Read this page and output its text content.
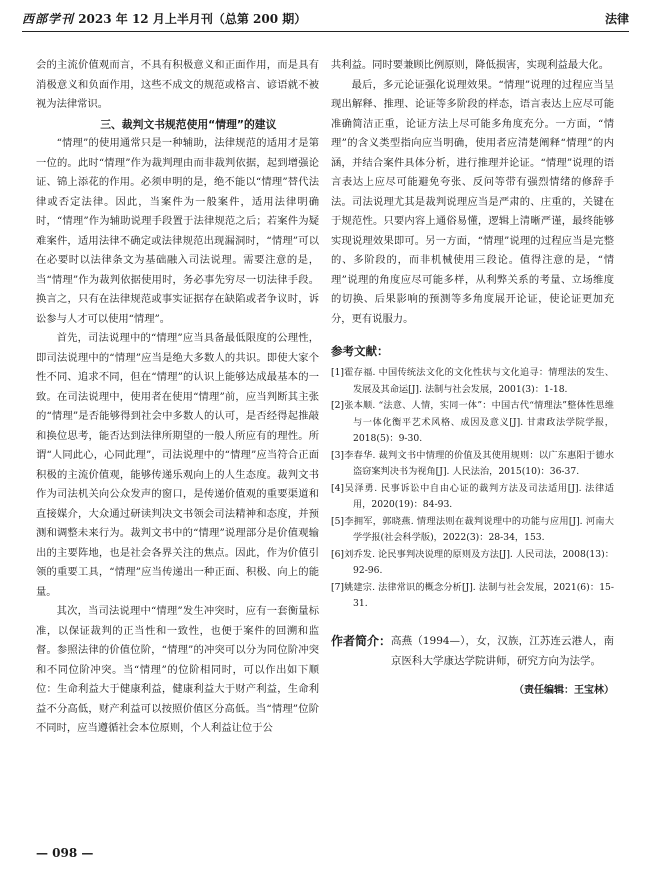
西部学刊 2023 年 12 月上半月刊（总第 200 期）	法律

会的主流价值观而言，不具有积极意义和正面作用，而是具有消极意义和负面作用，这些不成文的规范或格言、谚语就不被视为法律常识。

三、裁判文书规范使用“情理”的建议

“情理”的使用通常只是一种辅助，法律规范的适用才是第一位的。此时“情理”作为裁判理由而非裁判依据，起到增强论证、锦上添花的作用。必须申明的是，绝不能以“情理”替代法律或否定法律。因此，当案件为一般案件，适用法律明确时，“情理”作为辅助说理手段置于法律规范之后；若案件为疑难案件，适用法律不确定或法律规范出现漏洞时，“情理”可以在必要时以法律条文为基础融入司法说理。需要注意的是，当“情理”作为裁判依据使用时，务必事先穷尽一切法律手段。换言之，只有在法律规范或事实证据存在缺陷或者争议时，诉讼参与人才可以使用“情理”。

首先，司法说理中的“情理”应当具备最低限度的公理性，即司法说理中的“情理”应当是绝大多数人的共识。即使大家个性不同、追求不同，但在“情理”的认识上能够达成最基本的一致。在司法说理中，使用者在使用“情理”前，应当判断其主张的“情理”是否能够得到社会中多数人的认可，是否经得起推敲和换位思考，能否达到法律所期望的一般人所应有的理性。所谓“人同此心，心同此理”，司法说理中的“情理”应当符合正面积极的主流价值观，能够传递乐观向上的人生态度。裁判文书作为司法机关向公众发声的窗口，是传递价值观的重要渠道和直接媒介，大众通过研读判决文书领会司法精神和态度，并预测和调整未来行为。裁判文书中的“情理”说理部分是价值观输出的主要阵地，也是社会各界关注的焦点。因此，作为价值引领的重要工具，“情理”应当传递出一种正面、积极、向上的能量。

其次，当司法说理中“情理”发生冲突时，应有一套衡量标准，以保证裁判的正当性和一致性，也便于案件的回溯和监督。参照法律的价值位阶，“情理”的冲突可以分为同位阶冲突和不同位阶冲突。当“情理”的位阶相同时，可以作出如下顺位：生命利益大于健康利益，健康利益大于财产利益，生命利益不分高低，财产利益可以按照价值区分高低。当“情理”位阶不同时，应当遵循社会本位原则，个人利益让位于公

共利益。同时要兼顾比例原则，降低损害，实现利益最大化。

最后，多元论证强化说理效果。“情理”说理的过程应当呈现出解释、推理、论证等多阶段的样态，语言表达上应尽可能准确简洁正重，论证方法上尽可能多角度充分。一方面，“情理”的含义类型指向应当明确，使用者应清楚阐释“情理”的内涵，并结合案件具体分析，进行推理并论证。“情理”说理的语言表达上应尽可能避免夸张、反问等带有强烈情绪的修辞手法。司法说理尤其是裁判说理应当是严肃的、庄重的，关键在于规范性。只要内容上通俗易懂，逻辑上清晰严谨，最终能够实现说理效果即可。另一方面，“情理”说理的过程应当是完整的、多阶段的，而非机械使用三段论。值得注意的是，“情理”说理的角度应尽可能多样，从利弊关系的考量、立场维度的切换、后果影响的预测等多角度展开论证，使论证更加充分，更有说服力。

参考文献：
[1]霍存福. 中国传统法文化的文化性状与文化追寻：情理法的发生、发展及其命运[J]. 法制与社会发展，2001(3)：1-18.
[2]张本顺. “法意、人情，实同一体”：中国古代“情理法”整体性思维与一体化衡平艺术风格、成因及意义[J]. 甘肃政法学院学报，2018(5)：9-30.
[3]李春华. 裁判文书中情理的价值及其使用规则：以广东惠阳于德水盗窃案判决书为视角[J]. 人民法治，2015(10)：36-37.
[4]吴泽勇. 民事诉讼中自由心证的裁判方法及司法适用[J]. 法律适用，2020(19)：84-93.
[5]李拥军，郭晓燕. 情理法则在裁判说理中的功能与应用[J]. 河南大学学报(社会科学版)，2022(3)：28-34，153.
[6]刘乔发. 论民事判决说理的原则及方法[J]. 人民司法，2008(13)：92-96.
[7]姚建宗. 法律常识的概念分析[J]. 法制与社会发展，2021(6)：15-31.
作者简介： 高燕（1994—），女，汉族，江苏连云港人，南京医科大学康达学院讲师，研究方向为法学。
（责任编辑：王宝林）
— 098 —
